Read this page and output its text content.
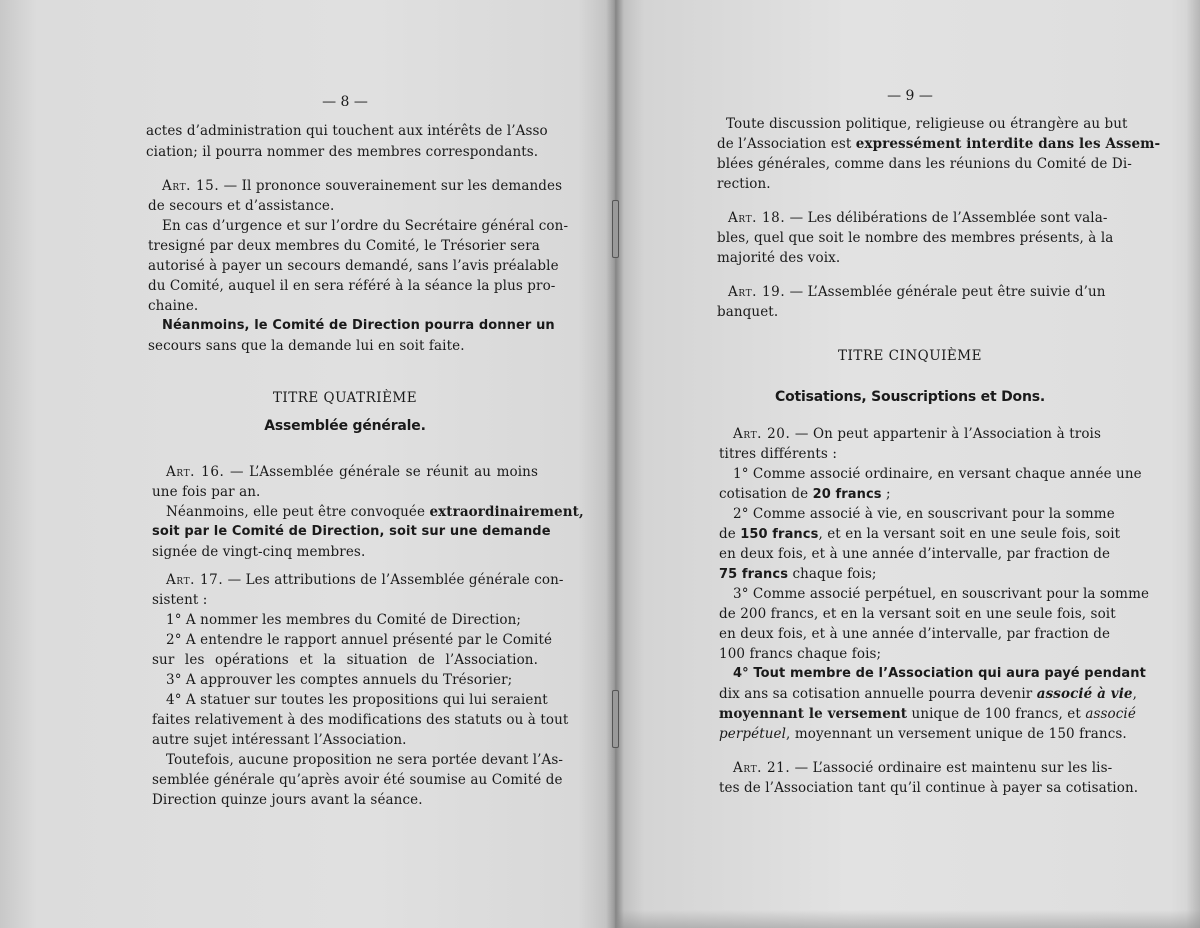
— 8 —
actes d’administration qui touchent aux intérêts de l’Asso
ciation; il pourra nommer des membres correspondants.
Art. 15. — Il prononce souverainement sur les demandes
de secours et d’assistance.
En cas d’urgence et sur l’ordre du Secrétaire général con-
tresigné par deux membres du Comité, le Trésorier sera
autorisé à payer un secours demandé, sans l’avis préalable
du Comité, auquel il en sera référé à la séance la plus pro-
chaine.
Néanmoins, le Comité de Direction pourra donner un
secours sans que la demande lui en soit faite.
TITRE QUATRIÈME
Assemblée générale.
Art. 16. — L’Assemblée générale se réunit au moins
une fois par an.
Néanmoins, elle peut être convoquée extraordinairement,
soit par le Comité de Direction, soit sur une demande
signée de vingt-cinq membres.
Art. 17. — Les attributions de l’Assemblée générale con-
sistent :
1° A nommer les membres du Comité de Direction;
2° A entendre le rapport annuel présenté par le Comité
sur les opérations et la situation de l’Association.
3° A approuver les comptes annuels du Trésorier;
4° A statuer sur toutes les propositions qui lui seraient
faites relativement à des modifications des statuts ou à tout
autre sujet intéressant l’Association.
Toutefois, aucune proposition ne sera portée devant l’As-
semblée générale qu’après avoir été soumise au Comité de
Direction quinze jours avant la séance.
— 9 —
Toute discussion politique, religieuse ou étrangère au but
de l’Association est expressément interdite dans les Assem-
blées générales, comme dans les réunions du Comité de Di-
rection.
Art. 18. — Les délibérations de l’Assemblée sont vala-
bles, quel que soit le nombre des membres présents, à la
majorité des voix.
Art. 19. — L’Assemblée générale peut être suivie d’un
banquet.
TITRE CINQUIÈME
Cotisations, Souscriptions et Dons.
Art. 20. — On peut appartenir à l’Association à trois
titres différents :
1° Comme associé ordinaire, en versant chaque année une
cotisation de 20 francs ;
2° Comme associé à vie, en souscrivant pour la somme
de 150 francs, et en la versant soit en une seule fois, soit
en deux fois, et à une année d’intervalle, par fraction de
75 francs chaque fois;
3° Comme associé perpétuel, en souscrivant pour la somme
de 200 francs, et en la versant soit en une seule fois, soit
en deux fois, et à une année d’intervalle, par fraction de
100 francs chaque fois;
4° Tout membre de l’Association qui aura payé pendant
dix ans sa cotisation annuelle pourra devenir associé à vie,
moyennant le versement unique de 100 francs, et associé
perpétuel, moyennant un versement unique de 150 francs.
Art. 21. — L’associé ordinaire est maintenu sur les lis-
tes de l’Association tant qu’il continue à payer sa cotisation.
